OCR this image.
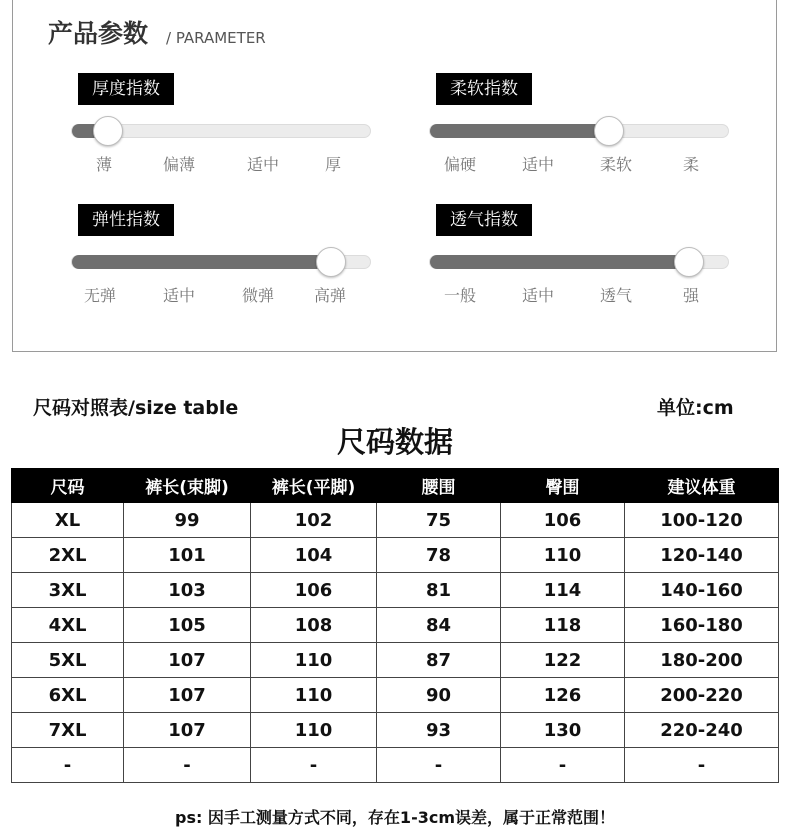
产品参数 / PARAMETER
厚度指数
薄	偏薄	适中	厚
柔软指数
偏硬	适中	柔软	柔
弹性指数
无弹	适中	微弹 高弹
透气指数
一般	适中	透气	强
尺码对照表/size table	单位:cm
尺码数据
尺码	裤长(束脚)	裤长(平脚)	腰围	臀围	建议体重
XL	99	102	75	106	100-120
2XL	101	104	78	110	120-140
3XL	103	106	81	114	140-160
4XL	105	108	84	118	160-180
5XL	107	110	87	122	180-200
6XL	107	110	90	126	200-220
7XL	107	110	93	130	220-240
-	-	-	-	-	-
ps: 因手工测量方式不同，存在1-3cm误差，属于正常范围！
